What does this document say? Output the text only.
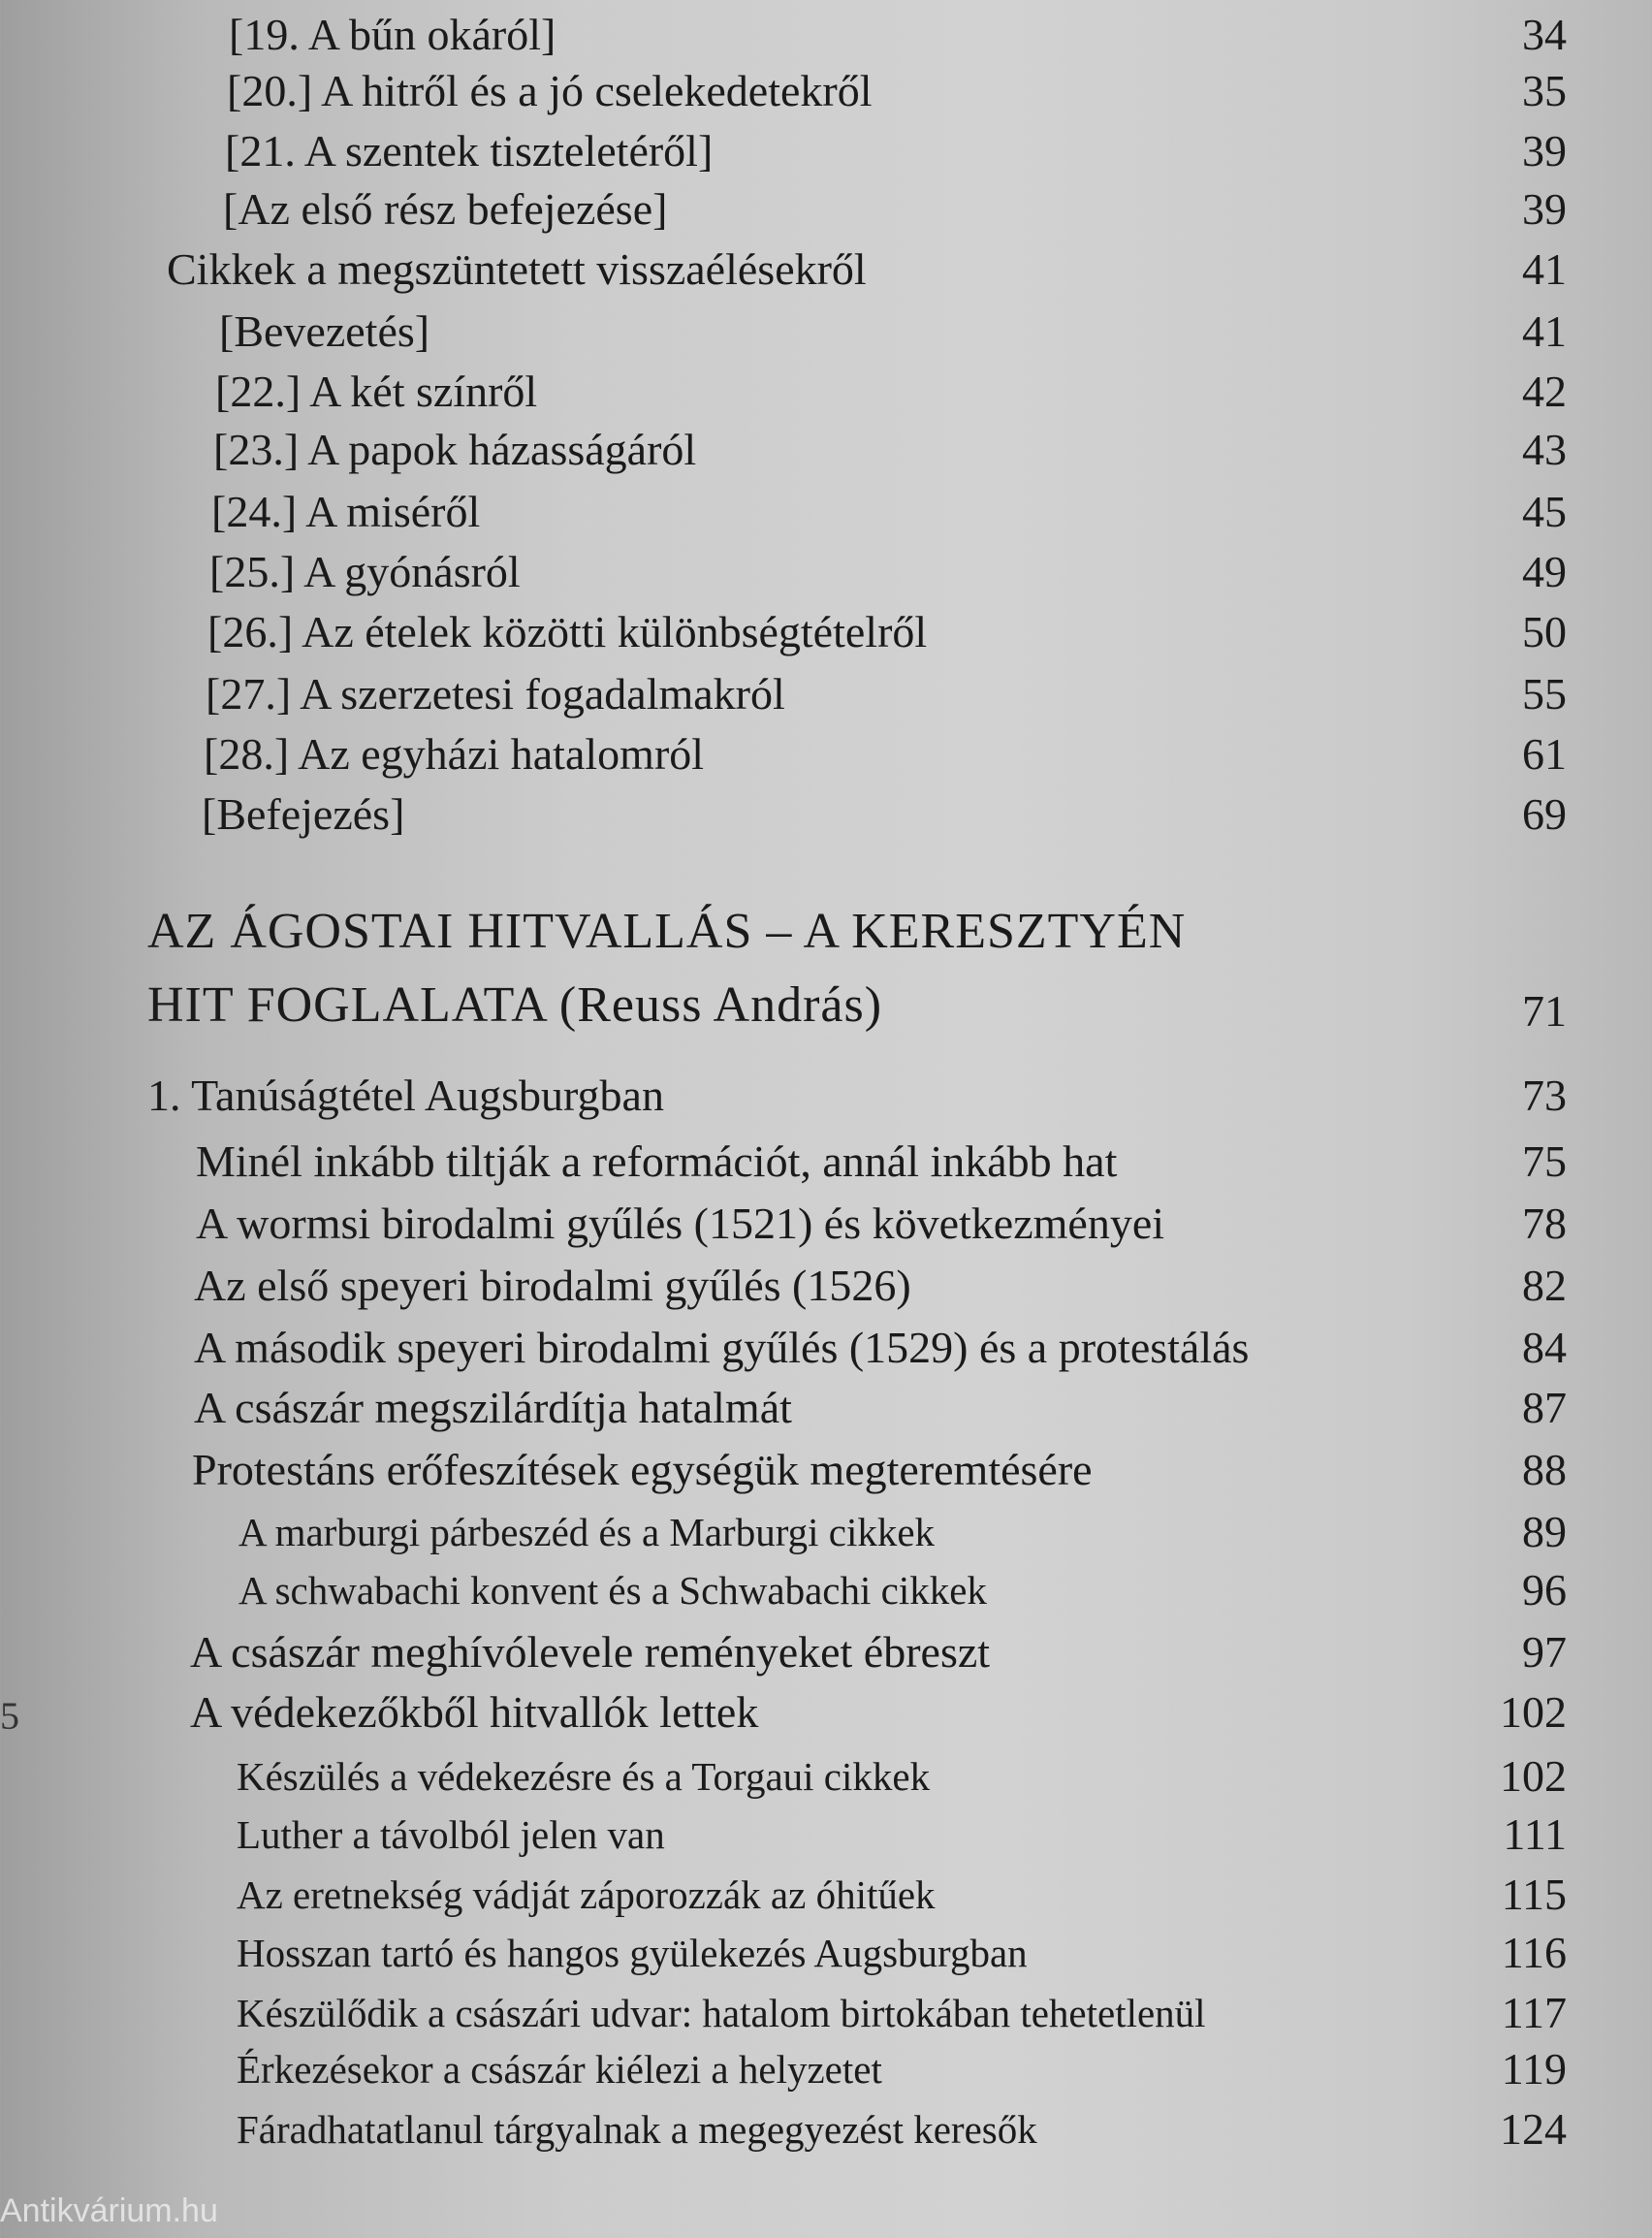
[19. A bűn okáról]	34
[20.] A hitről és a jó cselekedetekről	35
[21. A szentek tiszteletéről]	39
[Az első rész befejezése]	39
Cikkek a megszüntetett visszaélésekről	41
[Bevezetés]	41
[22.] A két színről	42
[23.] A papok házasságáról	43
[24.] A miséről	45
[25.] A gyónásról	49
[26.] Az ételek közötti különbségtételről	50
[27.] A szerzetesi fogadalmakról	55
[28.] Az egyházi hatalomról	61
[Befejezés]	69
AZ ÁGOSTAI HITVALLÁS – A KERESZTYÉN
HIT FOGLALATA (Reuss András)	71
1. Tanúságtétel Augsburgban	73
Minél inkább tiltják a reformációt, annál inkább hat	75
A wormsi birodalmi gyűlés (1521) és következményei	78
Az első speyeri birodalmi gyűlés (1526)	82
A második speyeri birodalmi gyűlés (1529) és a protestálás	84
A császár megszilárdítja hatalmát	87
Protestáns erőfeszítések egységük megteremtésére	88
A marburgi párbeszéd és a Marburgi cikkek	89
A schwabachi konvent és a Schwabachi cikkek	96
A császár meghívólevele reményeket ébreszt	97
A védekezőkből hitvallók lettek	102
Készülés a védekezésre és a Torgaui cikkek	102
Luther a távolból jelen van	111
Az eretnekség vádját záporozzák az óhitűek	115
Hosszan tartó és hangos gyülekezés Augsburgban	116
Készülődik a császári udvar: hatalom birtokában tehetetlenül	117
Érkezésekor a császár kiélezi a helyzetet	119
Fáradhatatlanul tárgyalnak a megegyezést keresők	124
5
Antikvárium.hu
